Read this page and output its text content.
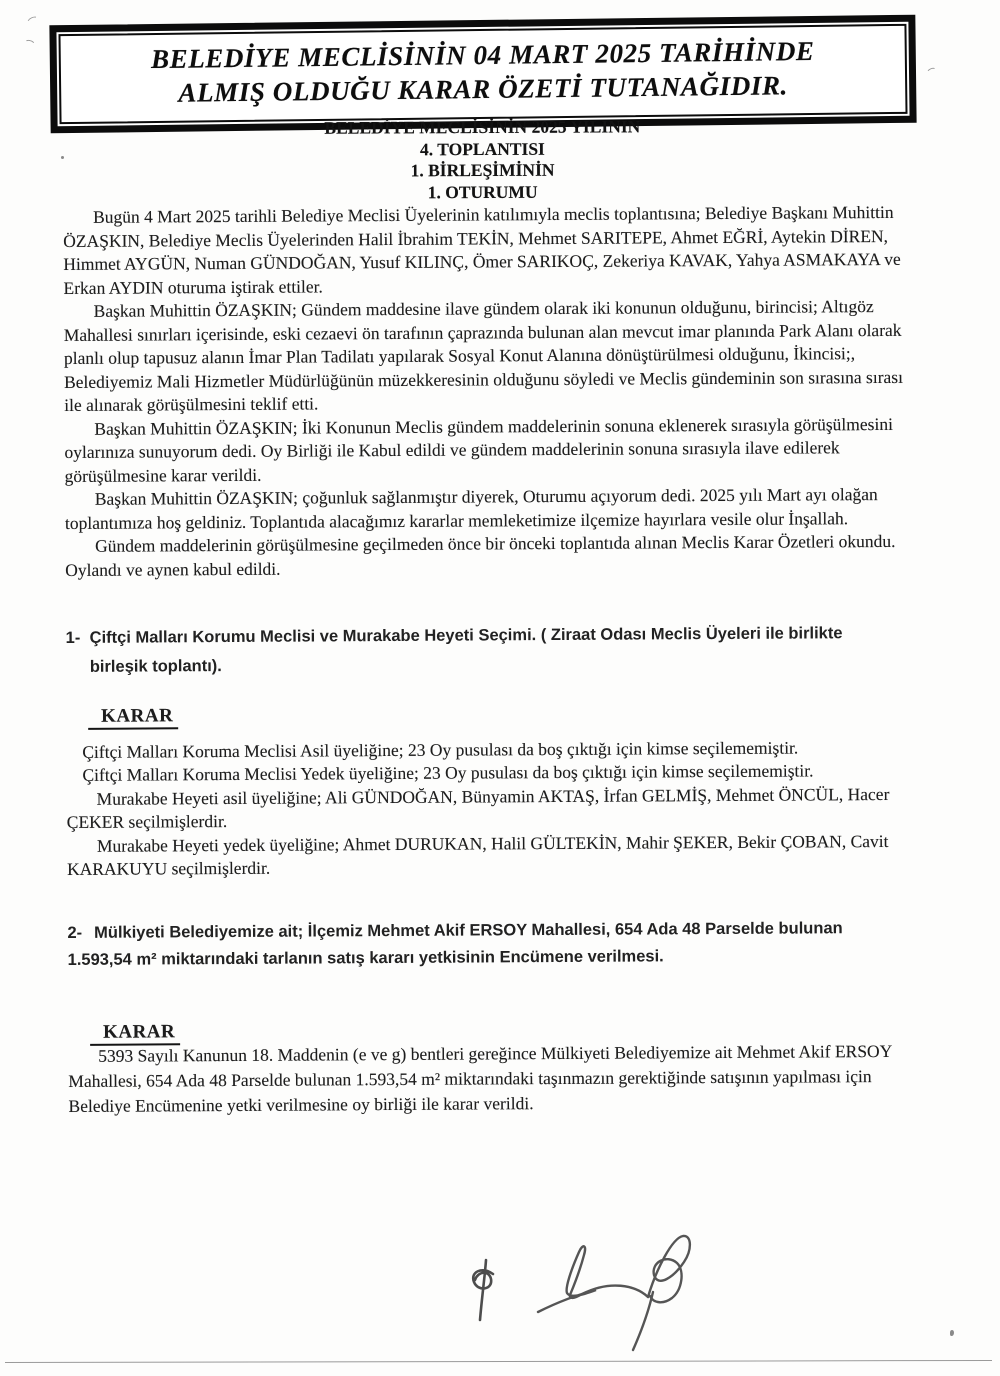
BELEDİYE MECLİSİNİN 04 MART 2025 TARİHİNDE
ALMIŞ OLDUĞU KARAR ÖZETİ TUTANAĞIDIR.
BELEDİYE MECLİSİNİN 2025 YILININ
4. TOPLANTISI
1. BİRLEŞİMİNİN
1. OTURUMU

Bugün 4 Mart 2025 tarihli Belediye Meclisi Üyelerinin katılımıyla meclis toplantısına; Belediye Başkanı Muhittin ÖZAŞKIN, Belediye Meclis Üyelerinden Halil İbrahim TEKİN, Mehmet SARITEPE, Ahmet EĞRİ, Aytekin DİREN, Himmet AYGÜN, Numan GÜNDOĞAN, Yusuf KILINÇ, Ömer SARIKOÇ, Zekeriya KAVAK, Yahya ASMAKAYA ve Erkan AYDIN oturuma iştirak ettiler.

Başkan Muhittin ÖZAŞKIN; Gündem maddesine ilave gündem olarak iki konunun olduğunu, birincisi; Altıgöz Mahallesi sınırları içerisinde, eski cezaevi ön tarafının çaprazında bulunan alan mevcut imar planında Park Alanı olarak planlı olup tapusuz alanın İmar Plan Tadilatı yapılarak Sosyal Konut Alanına dönüştürülmesi olduğunu, İkincisi;, Belediyemiz Mali Hizmetler Müdürlüğünün müzekkeresinin olduğunu söyledi ve Meclis gündeminin son sırasına sırası ile alınarak görüşülmesini teklif etti.

Başkan Muhittin ÖZAŞKIN; İki Konunun Meclis gündem maddelerinin sonuna eklenerek sırasıyla görüşülmesini oylarınıza sunuyorum dedi. Oy Birliği ile Kabul edildi ve gündem maddelerinin sonuna sırasıyla ilave edilerek görüşülmesine karar verildi.

Başkan Muhittin ÖZAŞKIN; çoğunluk sağlanmıştır diyerek, Oturumu açıyorum dedi. 2025 yılı Mart ayı olağan toplantımıza hoş geldiniz. Toplantıda alacağımız kararlar memleketimize ilçemize hayırlara vesile olur İnşallah.

Gündem maddelerinin görüşülmesine geçilmeden önce bir önceki toplantıda alınan Meclis Karar Özetleri okundu. Oylandı ve aynen kabul edildi.

1- Çiftçi Malları Korumu Meclisi ve Murakabe Heyeti Seçimi. ( Ziraat Odası Meclis Üyeleri ile birlikte birleşik toplantı).
KARAR

Çiftçi Malları Koruma Meclisi Asil üyeliğine; 23 Oy pusulası da boş çıktığı için kimse seçilememiştir.

Çiftçi Malları Koruma Meclisi Yedek üyeliğine; 23 Oy pusulası da boş çıktığı için kimse seçilememiştir.

Murakabe Heyeti asil üyeliğine; Ali GÜNDOĞAN, Bünyamin AKTAŞ, İrfan GELMİŞ, Mehmet ÖNCÜL, Hacer ÇEKER seçilmişlerdir.

Murakabe Heyeti yedek üyeliğine; Ahmet DURUKAN, Halil GÜLTEKİN, Mahir ŞEKER, Bekir ÇOBAN, Cavit KARAKUYU seçilmişlerdir.

2- Mülkiyeti Belediyemize ait; İlçemiz Mehmet Akif ERSOY Mahallesi, 654 Ada 48 Parselde bulunan 1.593,54 m² miktarındaki tarlanın satış kararı yetkisinin Encümene verilmesi.
KARAR

5393 Sayılı Kanunun 18. Maddenin (e ve g) bentleri gereğince Mülkiyeti Belediyemize ait Mehmet Akif ERSOY Mahallesi, 654 Ada 48 Parselde bulunan 1.593,54 m² miktarındaki taşınmazın gerektiğinde satışının yapılması için Belediye Encümenine yetki verilmesine oy birliği ile karar verildi.
